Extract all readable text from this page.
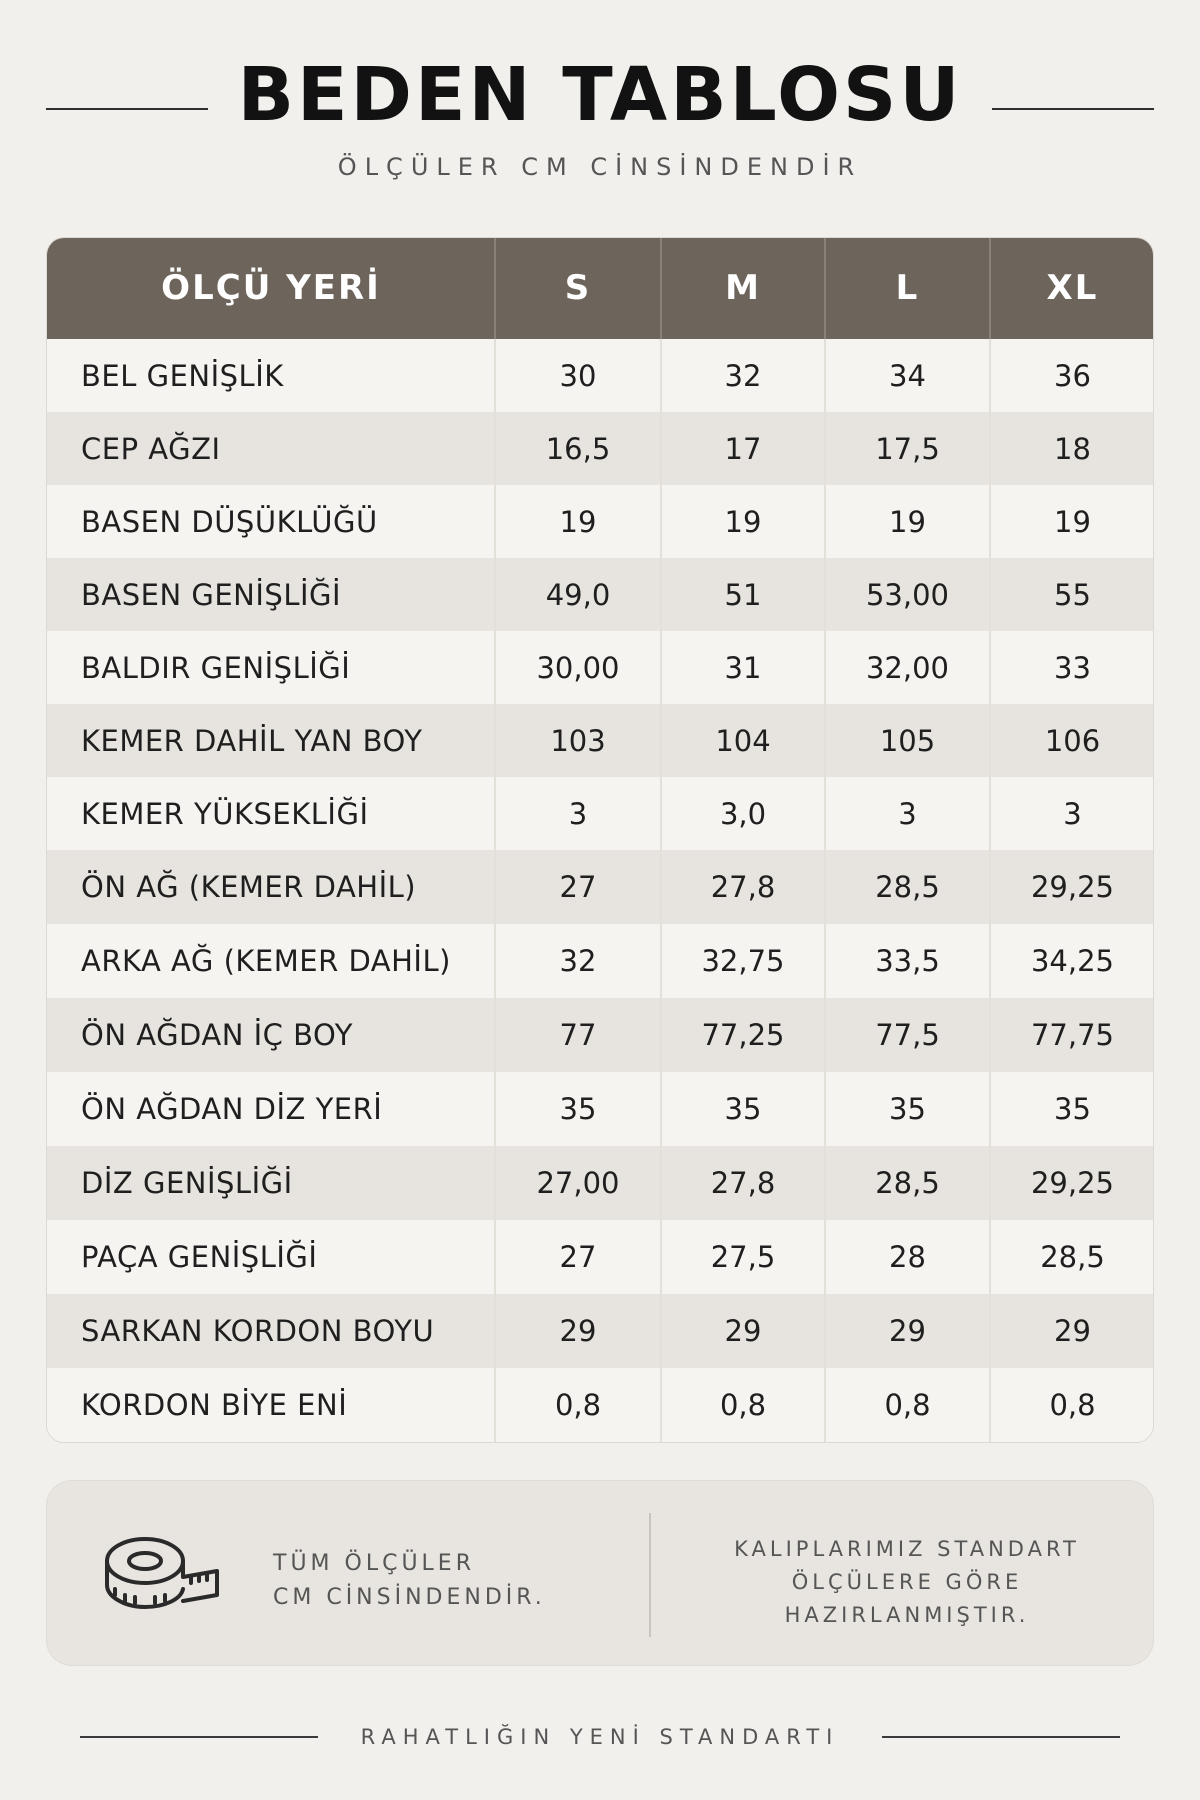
BEDEN TABLOSU
ÖLÇÜLER CM CİNSİNDENDİR
ÖLÇÜ YERİ	S	M	L	XL
BEL GENİŞLİK	30	32	34	36
CEP AĞZI	16,5	17	17,5	18
BASEN DÜŞÜKLÜĞÜ	19	19	19	19
BASEN GENİŞLİĞİ	49,0	51	53,00	55
BALDIR GENİŞLİĞİ	30,00	31	32,00	33
KEMER DAHİL YAN BOY	103	104	105	106
KEMER YÜKSEKLİĞİ	3	3,0	3	3
ÖN AĞ (KEMER DAHİL)	27	27,8	28,5	29,25
ARKA AĞ (KEMER DAHİL)	32	32,75	33,5	34,25
ÖN AĞDAN İÇ BOY	77	77,25	77,5	77,75
ÖN AĞDAN DİZ YERİ	35	35	35	35
DİZ GENİŞLİĞİ	27,00	27,8	28,5	29,25
PAÇA GENİŞLİĞİ	27	27,5	28	28,5
SARKAN KORDON BOYU	29	29	29	29
KORDON BİYE ENİ	0,8	0,8	0,8	0,8
TÜM ÖLÇÜLER
CM CİNSİNDENDİR.
KALIPLARIMIZ STANDART
ÖLÇÜLERE GÖRE
HAZIRLANMIŞTIR.
RAHATLIĞIN YENİ STANDARTI
